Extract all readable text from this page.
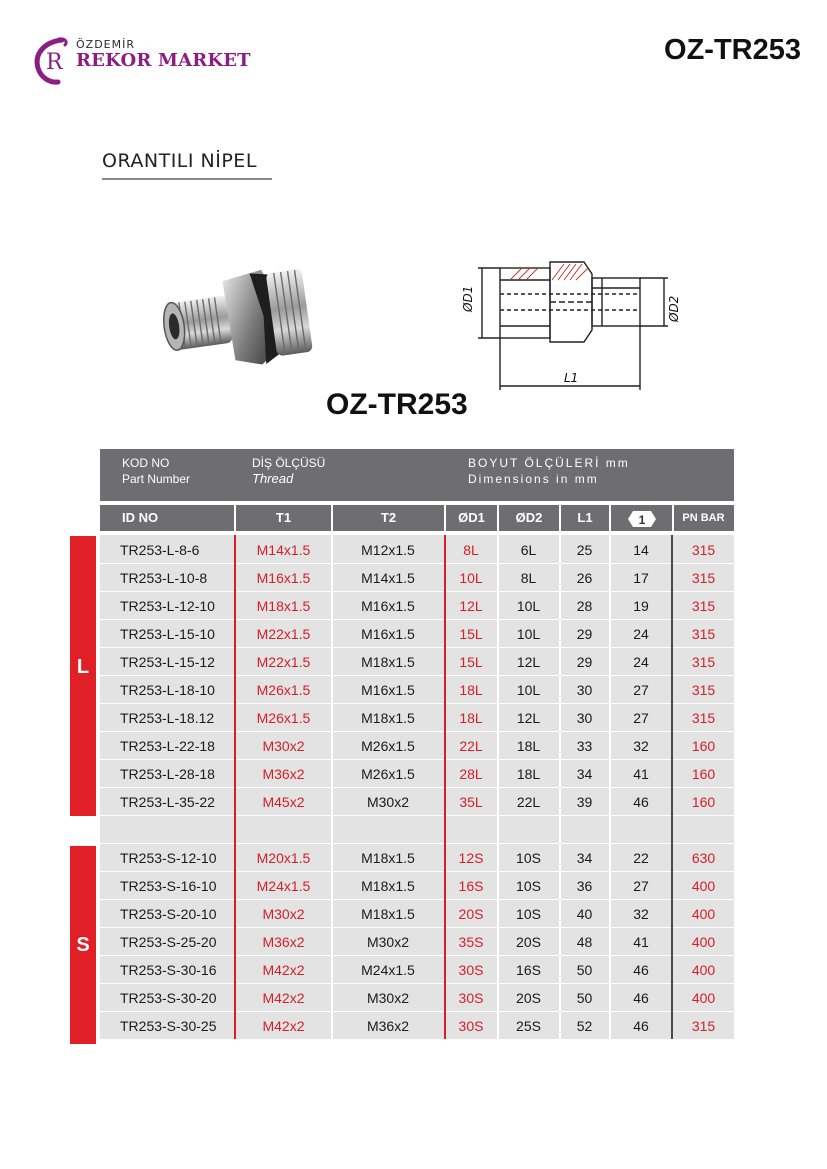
R
ÖZDEMİR
REKOR MARKET	OZ-TR253
ORANTILI NİPEL
ØD1	ØD2
L1
OZ-TR253
L
S
KOD NO
Part Number
DİŞ ÖLÇÜSÜ
Thread
BOYUT ÖLÇÜLERİ mm
Dimensions in mm
ID NO	T1	T2	ØD1	ØD2	L1	1	PN BAR
TR253-L-8-6	M14x1.5	M12x1.5	8L	6L	25	14	315
TR253-L-10-8	M16x1.5	M14x1.5	10L	8L	26	17	315
TR253-L-12-10	M18x1.5	M16x1.5	12L	10L	28	19	315
TR253-L-15-10	M22x1.5	M16x1.5	15L	10L	29	24	315
TR253-L-15-12	M22x1.5	M18x1.5	15L	12L	29	24	315
TR253-L-18-10	M26x1.5	M16x1.5	18L	10L	30	27	315
TR253-L-18.12	M26x1.5	M18x1.5	18L	12L	30	27	315
TR253-L-22-18	M30x2	M26x1.5	22L	18L	33	32	160
TR253-L-28-18	M36x2	M26x1.5	28L	18L	34	41	160
TR253-L-35-22	M45x2	M30x2	35L	22L	39	46	160
TR253-S-12-10	M20x1.5	M18x1.5	12S	10S	34	22	630
TR253-S-16-10	M24x1.5	M18x1.5	16S	10S	36	27	400
TR253-S-20-10	M30x2	M18x1.5	20S	10S	40	32	400
TR253-S-25-20	M36x2	M30x2	35S	20S	48	41	400
TR253-S-30-16	M42x2	M24x1.5	30S	16S	50	46	400
TR253-S-30-20	M42x2	M30x2	30S	20S	50	46	400
TR253-S-30-25	M42x2	M36x2	30S	25S	52	46	315
